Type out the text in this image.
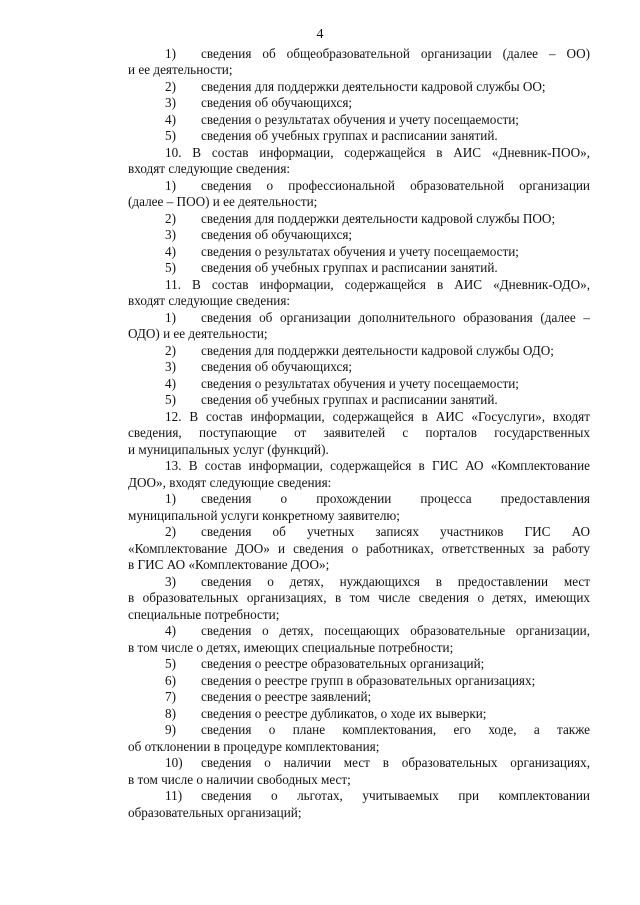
4
1) сведения об общеобразовательной организации (далее – ОО)
и ее деятельности;
2) сведения для поддержки деятельности кадровой службы ОО;
3) сведения об обучающихся;
4) сведения о результатах обучения и учету посещаемости;
5) сведения об учебных группах и расписании занятий.
10. В состав информации, содержащейся в АИС «Дневник-ПОО»,
входят следующие сведения:
1) сведения о профессиональной образовательной организации
(далее – ПОО) и ее деятельности;
2) сведения для поддержки деятельности кадровой службы ПОО;
3) сведения об обучающихся;
4) сведения о результатах обучения и учету посещаемости;
5) сведения об учебных группах и расписании занятий.
11. В состав информации, содержащейся в АИС «Дневник-ОДО»,
входят следующие сведения:
1) сведения об организации дополнительного образования (далее –
ОДО) и ее деятельности;
2) сведения для поддержки деятельности кадровой службы ОДО;
3) сведения об обучающихся;
4) сведения о результатах обучения и учету посещаемости;
5) сведения об учебных группах и расписании занятий.
12. В состав информации, содержащейся в АИС «Госуслуги», входят
сведения, поступающие от заявителей с порталов государственных
и муниципальных услуг (функций).
13. В состав информации, содержащейся в ГИС АО «Комплектование
ДОО», входят следующие сведения:
1) сведения о прохождении процесса предоставления
муниципальной услуги конкретному заявителю;
2) сведения об учетных записях участников ГИС АО
«Комплектование ДОО» и сведения о работниках, ответственных за работу
в ГИС АО «Комплектование ДОО»;
3) сведения о детях, нуждающихся в предоставлении мест
в образовательных организациях, в том числе сведения о детях, имеющих
специальные потребности;
4) сведения о детях, посещающих образовательные организации,
в том числе о детях, имеющих специальные потребности;
5) сведения о реестре образовательных организаций;
6) сведения о реестре групп в образовательных организациях;
7) сведения о реестре заявлений;
8) сведения о реестре дубликатов, о ходе их выверки;
9) сведения о плане комплектования, его ходе, а также
об отклонении в процедуре комплектования;
10) сведения о наличии мест в образовательных организациях,
в том числе о наличии свободных мест;
11) сведения о льготах, учитываемых при комплектовании
образовательных организаций;
